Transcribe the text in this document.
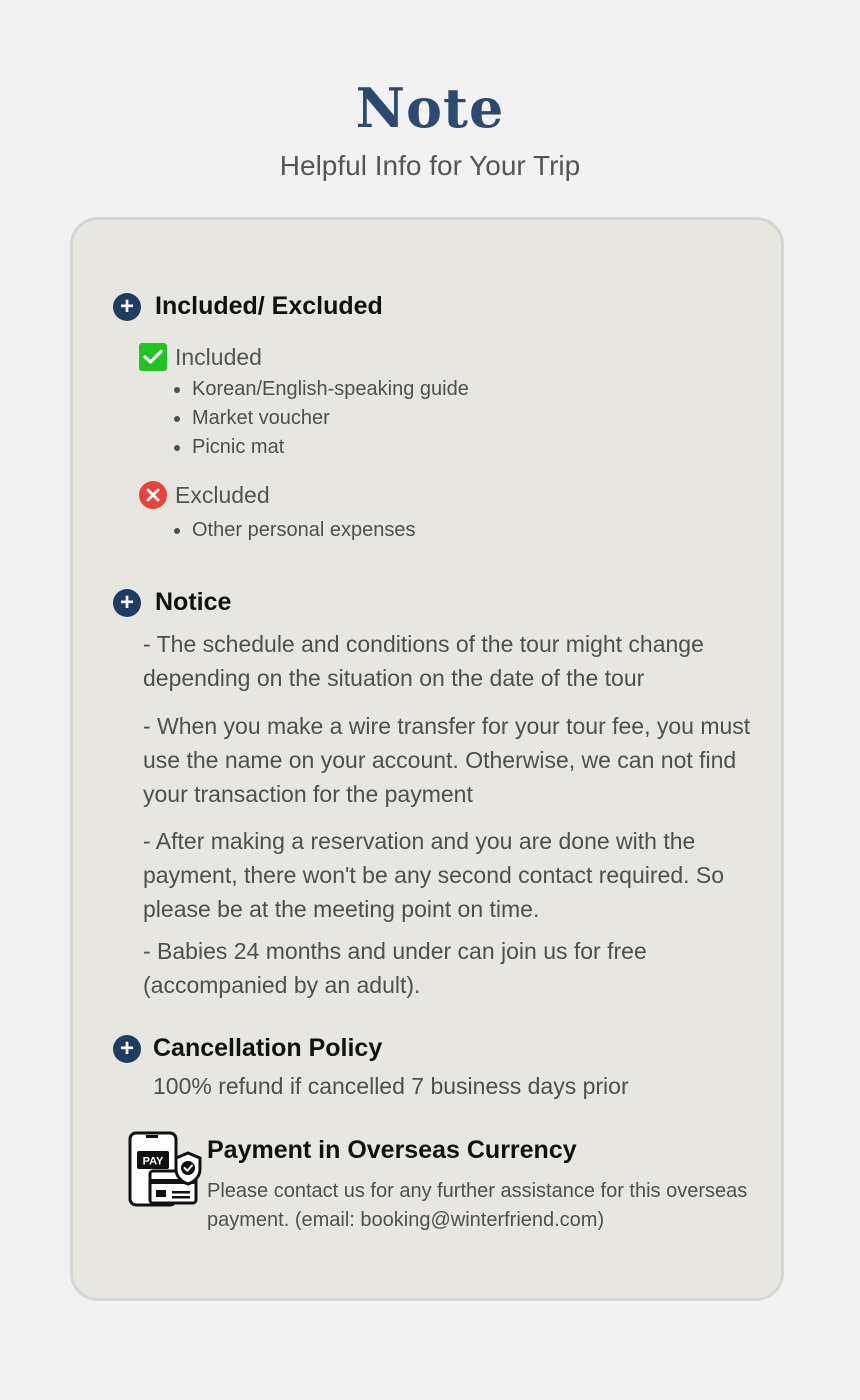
Note
Helpful Info for Your Trip
+ Included/ Excluded
Included
• Korean/English-speaking guide
• Market voucher
• Picnic mat
Excluded
• Other personal expenses
+ Notice
- The schedule and conditions of the tour might change depending on the situation on the date of the tour
- When you make a wire transfer for your tour fee, you must use the name on your account. Otherwise, we can not find your transaction for the payment
- After making a reservation and you are done with the payment, there won't be any second contact required. So please be at the meeting point on time.
- Babies 24 months and under can join us for free (accompanied by an adult).
+ Cancellation Policy
100% refund if cancelled 7 business days prior
PAY Payment in Overseas Currency
Please contact us for any further assistance for this overseas payment. (email: booking@winterfriend.com)
